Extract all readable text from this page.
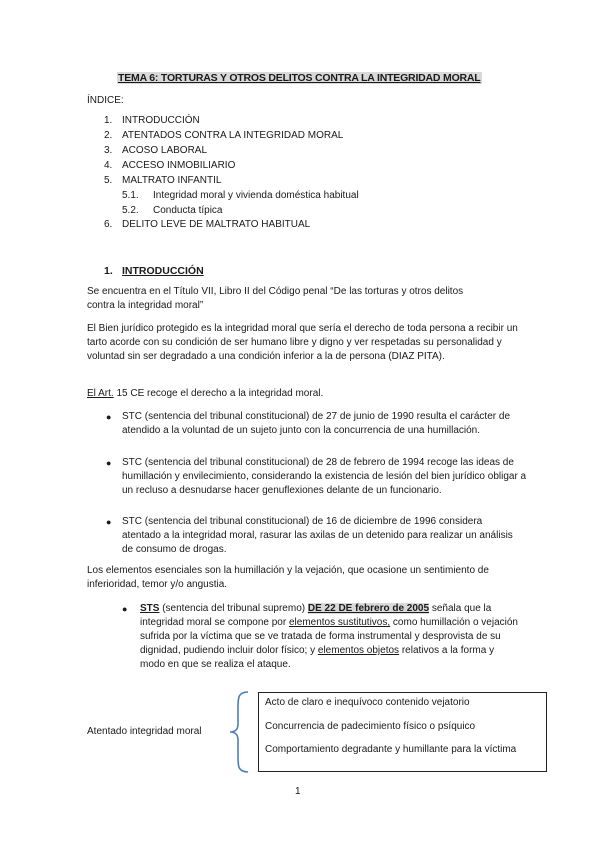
TEMA 6: TORTURAS Y OTROS DELITOS CONTRA LA INTEGRIDAD MORAL
ÍNDICE:
1. INTRODUCCIÓN
2. ATENTADOS CONTRA LA INTEGRIDAD MORAL
3. ACOSO LABORAL
4. ACCESO INMOBILIARIO
5. MALTRATO INFANTIL
5.1. Integridad moral y vivienda doméstica habitual
5.2. Conducta típica
6. DELITO LEVE DE MALTRATO HABITUAL
1. INTRODUCCIÓN
Se encuentra en el Título VII, Libro II del Código penal “De las torturas y otros delitos contra la integridad moral”
El Bien jurídico protegido es la integridad moral que sería el derecho de toda persona a recibir un tarto acorde con su condición de ser humano libre y digno y ver respetadas su personalidad y voluntad sin ser degradado a una condición inferior a la de persona (DIAZ PITA).
El Art. 15 CE recoge el derecho a la integridad moral.
● STC (sentencia del tribunal constitucional) de 27 de junio de 1990 resulta el carácter de atendido a la voluntad de un sujeto junto con la concurrencia de una humillación.
● STC (sentencia del tribunal constitucional) de 28 de febrero de 1994 recoge las ideas de humillación y envilecimiento, considerando la existencia de lesión del bien jurídico obligar a un recluso a desnudarse hacer genuflexiones delante de un funcionario.
● STC (sentencia del tribunal constitucional) de 16 de diciembre de 1996 considera atentado a la integridad moral, rasurar las axilas de un detenido para realizar un análisis de consumo de drogas.
Los elementos esenciales son la humillación y la vejación, que ocasione un sentimiento de inferioridad, temor y/o angustia.
● STS (sentencia del tribunal supremo) DE 22 DE febrero de 2005 señala que la integridad moral se compone por elementos sustitutivos, como humillación o vejación sufrida por la víctima que se ve tratada de forma instrumental y desprovista de su dignidad, pudiendo incluir dolor físico; y elementos objetos relativos a la forma y modo en que se realiza el ataque.
Atentado integridad moral
Acto de claro e inequívoco contenido vejatorio
Concurrencia de padecimiento físico o psíquico
Comportamiento degradante y humillante para la víctima
1
